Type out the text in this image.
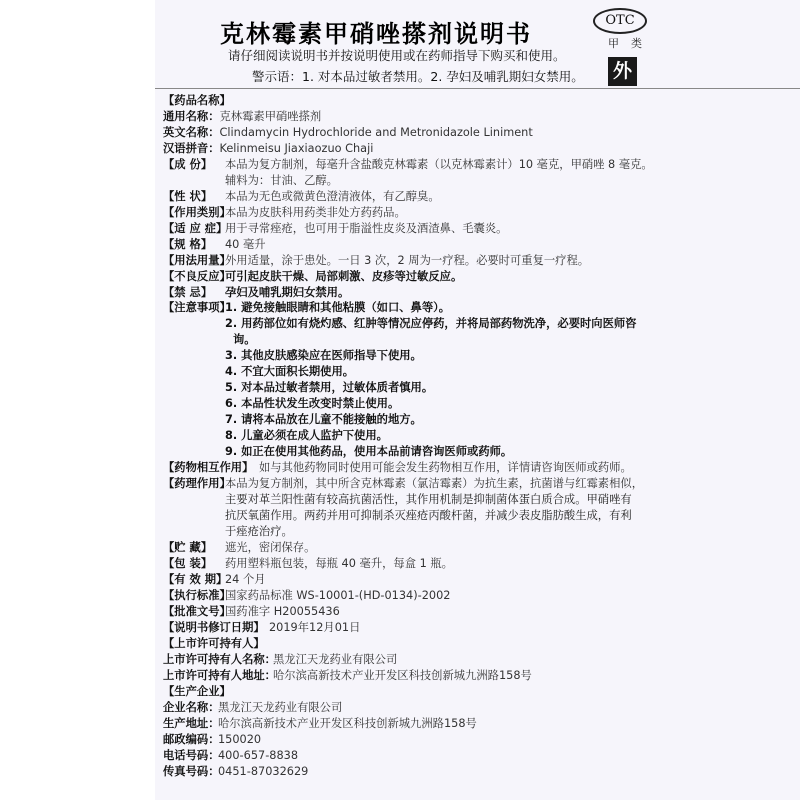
克林霉素甲硝唑搽剂说明书	OTC
甲类
外
请仔细阅读说明书并按说明使用或在药师指导下购买和使用。
警示语：1. 对本品过敏者禁用。2. 孕妇及哺乳期妇女禁用。
【药品名称】
通用名称：克林霉素甲硝唑搽剂
英文名称：Clindamycin Hydrochloride and Metronidazole Liniment
汉语拼音：Kelinmeisu Jiaxiaozuo Chaji
【成 份】 本品为复方制剂，每毫升含盐酸克林霉素（以克林霉素计）10 毫克，甲硝唑 8 毫克。
辅料为：甘油、乙醇。
【性 状】 本品为无色或微黄色澄清液体，有乙醇臭。
【作用类别】本品为皮肤科用药类非处方药药品。
【适 应 症】用于寻常痤疮，也可用于脂溢性皮炎及酒渣鼻、毛囊炎。
【规 格】 40 毫升
【用法用量】外用适量，涂于患处。一日 3 次，2 周为一疗程。必要时可重复一疗程。
【不良反应】可引起皮肤干燥、局部刺激、皮疹等过敏反应。
【禁 忌】 孕妇及哺乳期妇女禁用。
【注意事项】1. 避免接触眼睛和其他粘膜（如口、鼻等）。
2. 用药部位如有烧灼感、红肿等情况应停药，并将局部药物洗净，必要时向医师咨
询。
3. 其他皮肤感染应在医师指导下使用。
4. 不宜大面积长期使用。
5. 对本品过敏者禁用，过敏体质者慎用。
6. 本品性状发生改变时禁止使用。
7. 请将本品放在儿童不能接触的地方。
8. 儿童必须在成人监护下使用。
9. 如正在使用其他药品，使用本品前请咨询医师或药师。
【药物相互作用】 如与其他药物同时使用可能会发生药物相互作用，详情请咨询医师或药师。
【药理作用】本品为复方制剂，其中所含克林霉素（氯洁霉素）为抗生素，抗菌谱与红霉素相似，
主要对革兰阳性菌有较高抗菌活性，其作用机制是抑制菌体蛋白质合成。甲硝唑有
抗厌氧菌作用。两药并用可抑制杀灭痤疮丙酸杆菌，并减少表皮脂肪酸生成，有利
于痤疮治疗。
【贮 藏】 遮光，密闭保存。
【包 装】 药用塑料瓶包装，每瓶 40 毫升，每盒 1 瓶。
【有 效 期】24 个月
【执行标准】国家药品标准 WS-10001-(HD-0134)-2002
【批准文号】国药准字 H20055436
【说明书修订日期】 2019年12月01日
【上市许可持有人】
上市许可持有人名称：黑龙江天龙药业有限公司
上市许可持有人地址：哈尔滨高新技术产业开发区科技创新城九洲路158号
【生产企业】
企业名称：黑龙江天龙药业有限公司
生产地址：哈尔滨高新技术产业开发区科技创新城九洲路158号
邮政编码：150020
电话号码：400-657-8838
传真号码：0451-87032629
